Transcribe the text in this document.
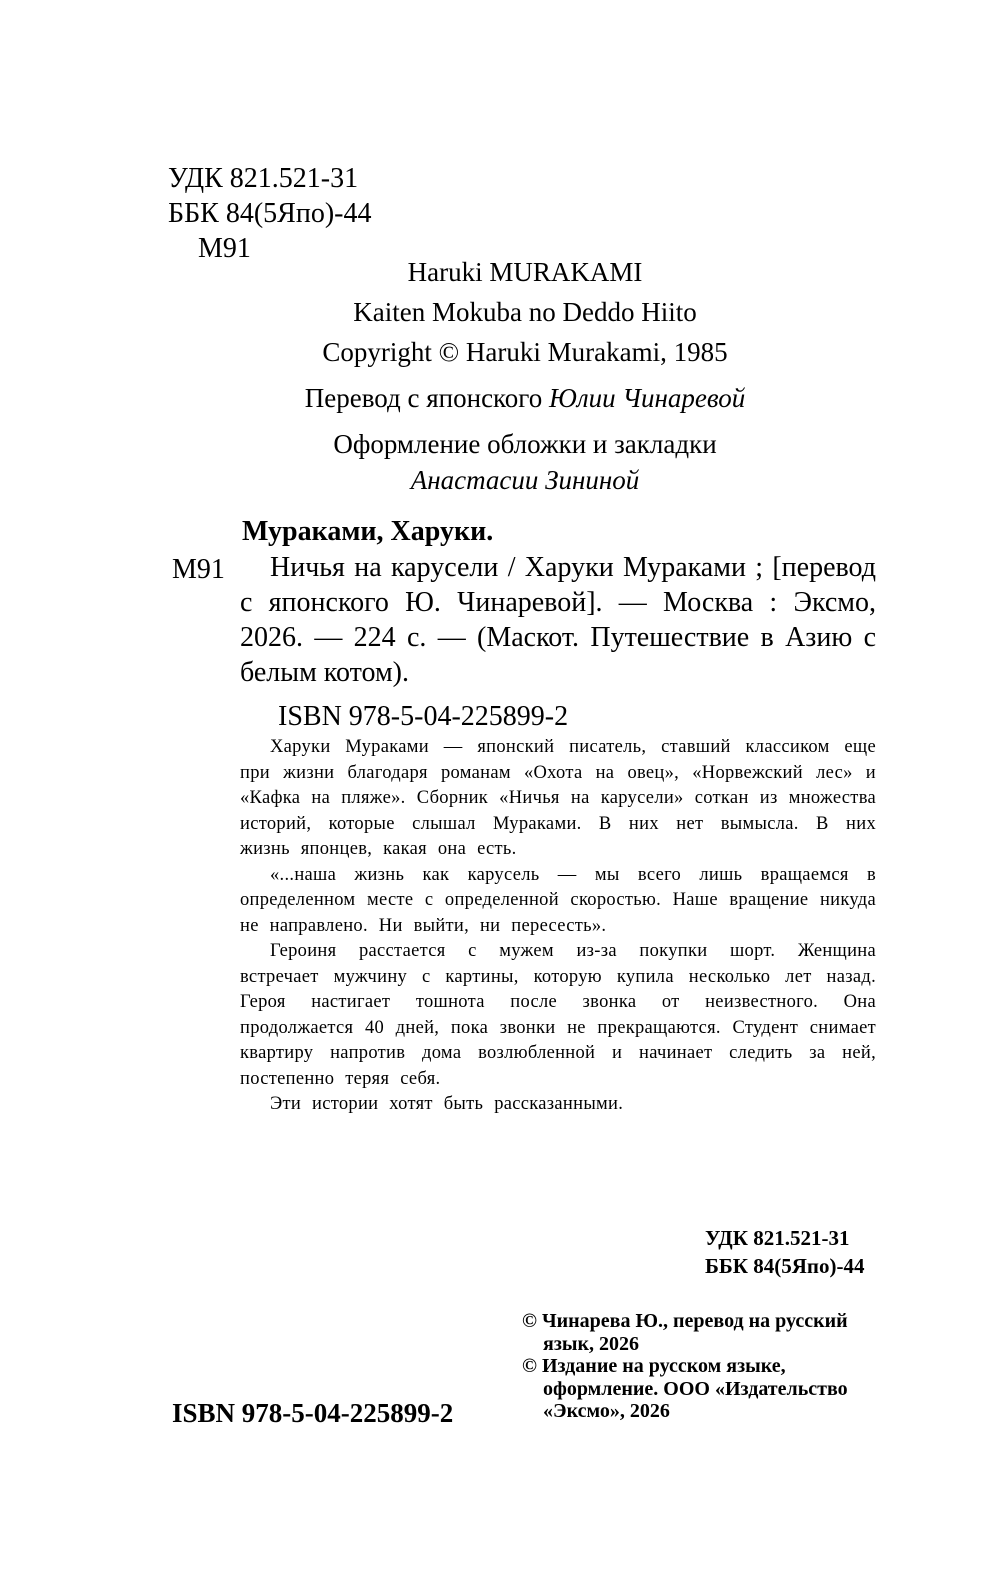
УДК 821.521-31
ББК 84(5Япо)-44
М91
Haruki MURAKAMI
Kaiten Mokuba no Deddo Hiito
Copyright © Haruki Murakami, 1985
Перевод с японского Юлии Чинаревой
Оформление обложки и закладки
Анастасии Зининой
Мураками, Харуки.
М91	Ничья на карусели / Харуки Мураками ; [перевод с японского Ю. Чинаревой]. — Москва : Эксмо, 2026. — 224 с. — (Маскот. Путешествие в Азию с белым котом).

ISBN 978-5-04-225899-2

Харуки Мураками — японский писатель, ставший классиком еще при жизни благодаря романам «Охота на овец», «Норвежский лес» и «Кафка на пляже». Сборник «Ничья на карусели» соткан из множества историй, которые слышал Мураками. В них нет вымысла. В них жизнь японцев, какая она есть.

«...наша жизнь как карусель — мы всего лишь вращаемся в определенном месте с определенной скоростью. Наше вращение никуда не направлено. Ни выйти, ни пересесть».

Героиня расстается с мужем из-за покупки шорт. Женщина встречает мужчину с картины, которую купила несколько лет назад. Героя настигает тошнота после звонка от неизвестного. Она продолжается 40 дней, пока звонки не прекращаются. Студент снимает квартиру напротив дома возлюбленной и начинает следить за ней, постепенно теряя себя.

Эти истории хотят быть рассказанными.

УДК 821.521-31
ББК 84(5Япо)-44
© Чинарева Ю., перевод на русский язык, 2026
© Издание на русском языке, оформление. ООО «Издательство «Эксмо», 2026
ISBN 978-5-04-225899-2
